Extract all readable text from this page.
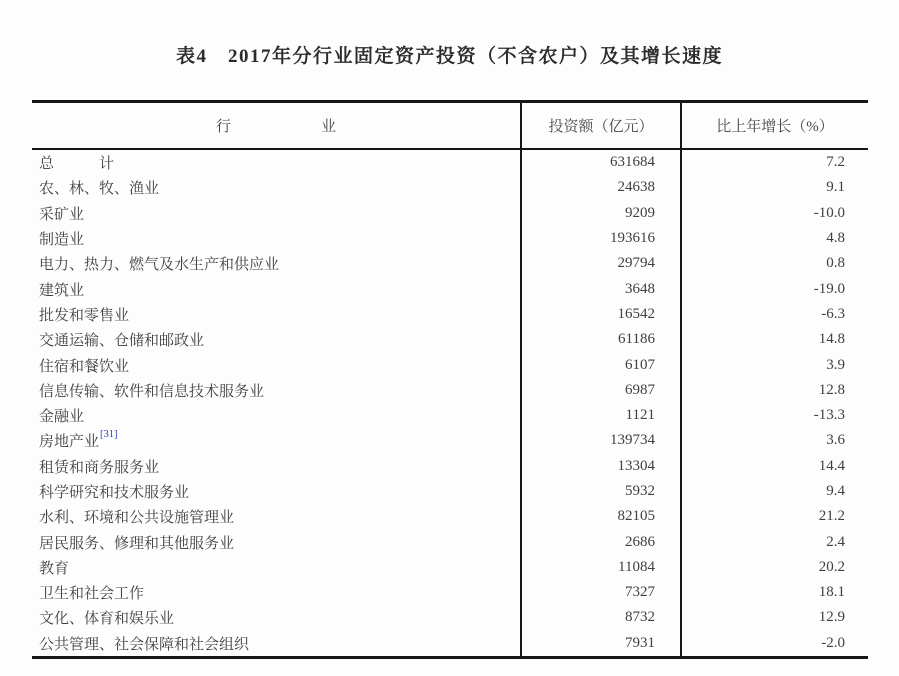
表4　2017年分行业固定资产投资（不含农户）及其增长速度
行　　　　　　业	投资额（亿元）	比上年增长（%）
总　　　计	631684	7.2
农、林、牧、渔业	24638	9.1
采矿业	9209	-10.0
制造业	193616	4.8
电力、热力、燃气及水生产和供应业	29794	0.8
建筑业	3648	-19.0
批发和零售业	16542	-6.3
交通运输、仓储和邮政业	61186	14.8
住宿和餐饮业	6107	3.9
信息传输、软件和信息技术服务业	6987	12.8
金融业	1121	-13.3
房地产业 [31]	139734	3.6
租赁和商务服务业	13304	14.4
科学研究和技术服务业	5932	9.4
水利、环境和公共设施管理业	82105	21.2
居民服务、修理和其他服务业	2686	2.4
教育	11084	20.2
卫生和社会工作	7327	18.1
文化、体育和娱乐业	8732	12.9
公共管理、社会保障和社会组织	7931	-2.0
